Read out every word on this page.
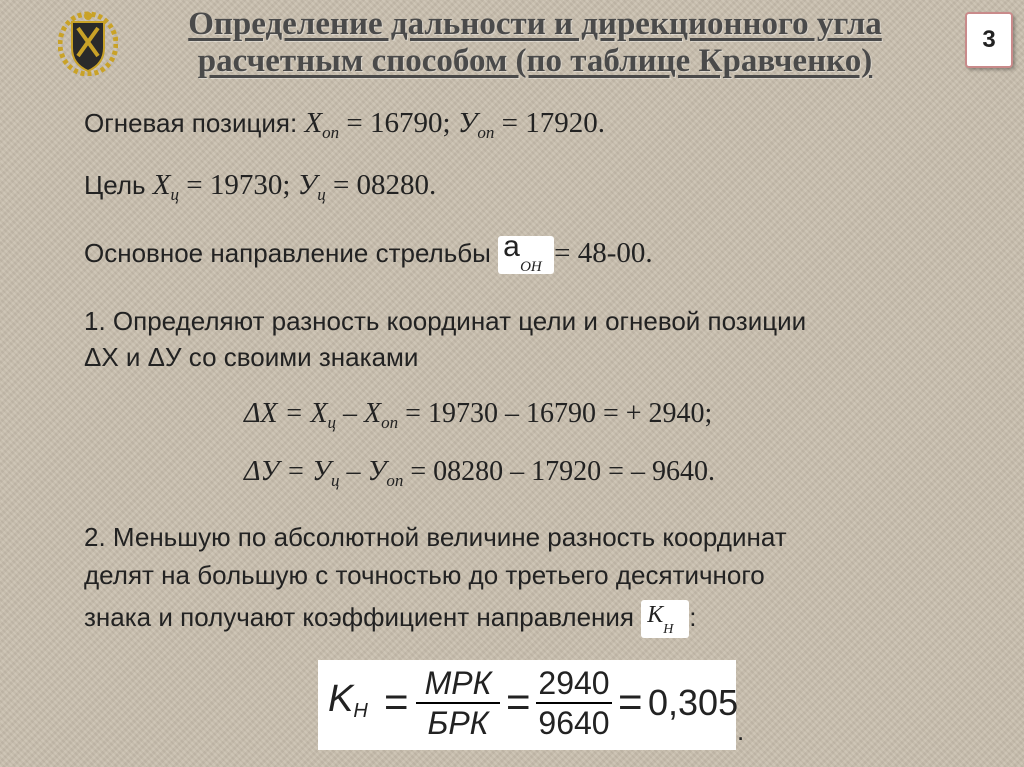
Определение дальности и дирекционного угла
расчетным способом (по таблице Кравченко)
3
Огневая позиция: $X_{оп} = 16790$; $У_{оп} = 17920$.
Цель $X_ц = 19730$; $У_ц = 08280$.
Основное направление стрельбы a
ОН = 48-00.
1. Определяют разность координат цели и огневой позиции
ΔX и ΔУ со своими знаками
$\Delta X = X_ц - X_{оп} = 19730 - 16790$ = + 2940;
$\Delta У = У_ц - У_{оп} = 08280 - 17920$ = – 9640.
2. Меньшую по абсолютной величине разность координат
делят на большую с точностью до третьего десятичного
знака и получают коэффициент направления K
Н :
$K_Н$ = МРК
БРК = $\frac{2940}{9640} = 0,305$
.
